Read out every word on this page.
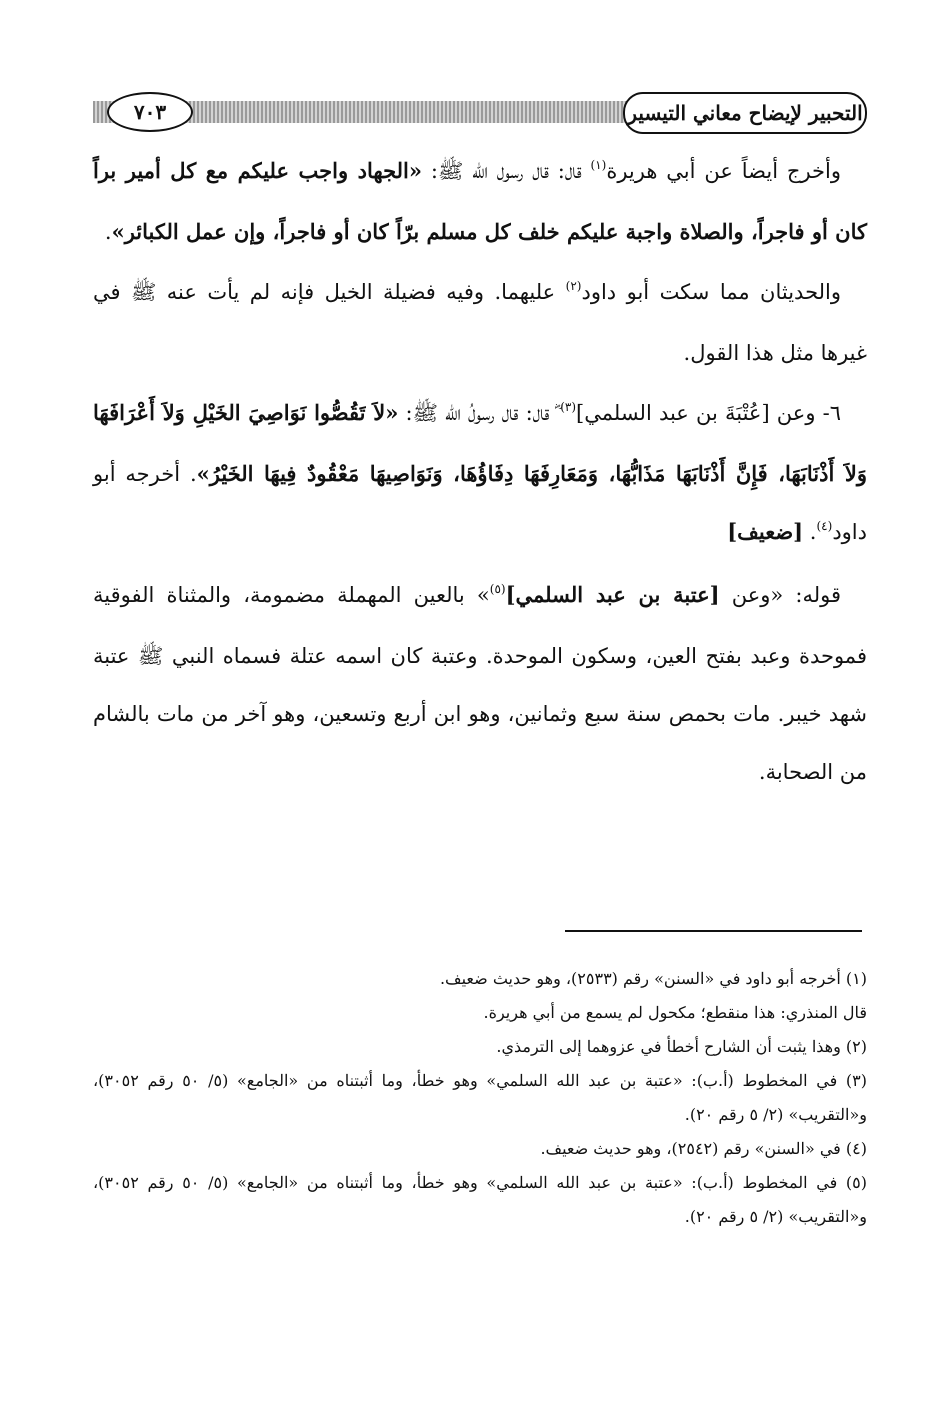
٧٠٣	التحبير لإيضاح معاني التيسير

وأخرج أيضاً عن أبي هريرة$^{(١)}$ قال: قال رسول الله ﷺ: «الجهاد واجب عليكم مع كل أمير براً كان أو فاجراً، والصلاة واجبة عليكم خلف كل مسلم برّاً كان أو فاجراً، وإن عمل الكبائر».

والحديثان مما سكت أبو داود$^{(٢)}$ عليهما. وفيه فضيلة الخيل فإنه لم يأت عنه ﷺ في غيرها مثل هذا القول.

٦- وعن [عُتْبَةَ بن عبد السلمي]$^{(٣)}$ ؓ قال: قال رسولُ الله ﷺ: «لاَ تَقُصُّوا نَوَاصِيَ الخَيْلِ وَلاَ أَعْرَافَهَا وَلاَ أَذْنَابَهَا، فَإِنَّ أَذْنَابَهَا مَذَابُّهَا، وَمَعَارِفَهَا دِفَاؤُهَا، وَنَوَاصِيهَا مَعْقُودٌ فِيهَا الخَيْرُ». أخرجه أبو داود$^{(٤)}$. [ضعيف]

قوله: «وعن [عتبة بن عبد السلمي]$^{(٥)}$» بالعين المهملة مضمومة، والمثناة الفوقية فموحدة وعبد بفتح العين، وسكون الموحدة. وعتبة كان اسمه عتلة فسماه النبي ﷺ عتبة شهد خيبر. مات بحمص سنة سبع وثمانين، وهو ابن أربع وتسعين، وهو آخر من مات بالشام من الصحابة.

(١) أخرجه أبو داود في «السنن» رقم (٢٥٣٣)، وهو حديث ضعيف.

قال المنذري: هذا منقطع؛ مكحول لم يسمع من أبي هريرة.

(٢) وهذا يثبت أن الشارح أخطأ في عزوهما إلى الترمذي.

(٣) في المخطوط (أ.ب): «عتبة بن عبد الله السلمي» وهو خطأ، وما أثبتناه من «الجامع» (٥/ ٥٠ رقم ٣٠٥٢)، و«التقريب» (٢/ ٥ رقم ٢٠).

(٤) في «السنن» رقم (٢٥٤٢)، وهو حديث ضعيف.

(٥) في المخطوط (أ.ب): «عتبة بن عبد الله السلمي» وهو خطأ، وما أثبتناه من «الجامع» (٥/ ٥٠ رقم ٣٠٥٢)، و«التقريب» (٢/ ٥ رقم ٢٠).
